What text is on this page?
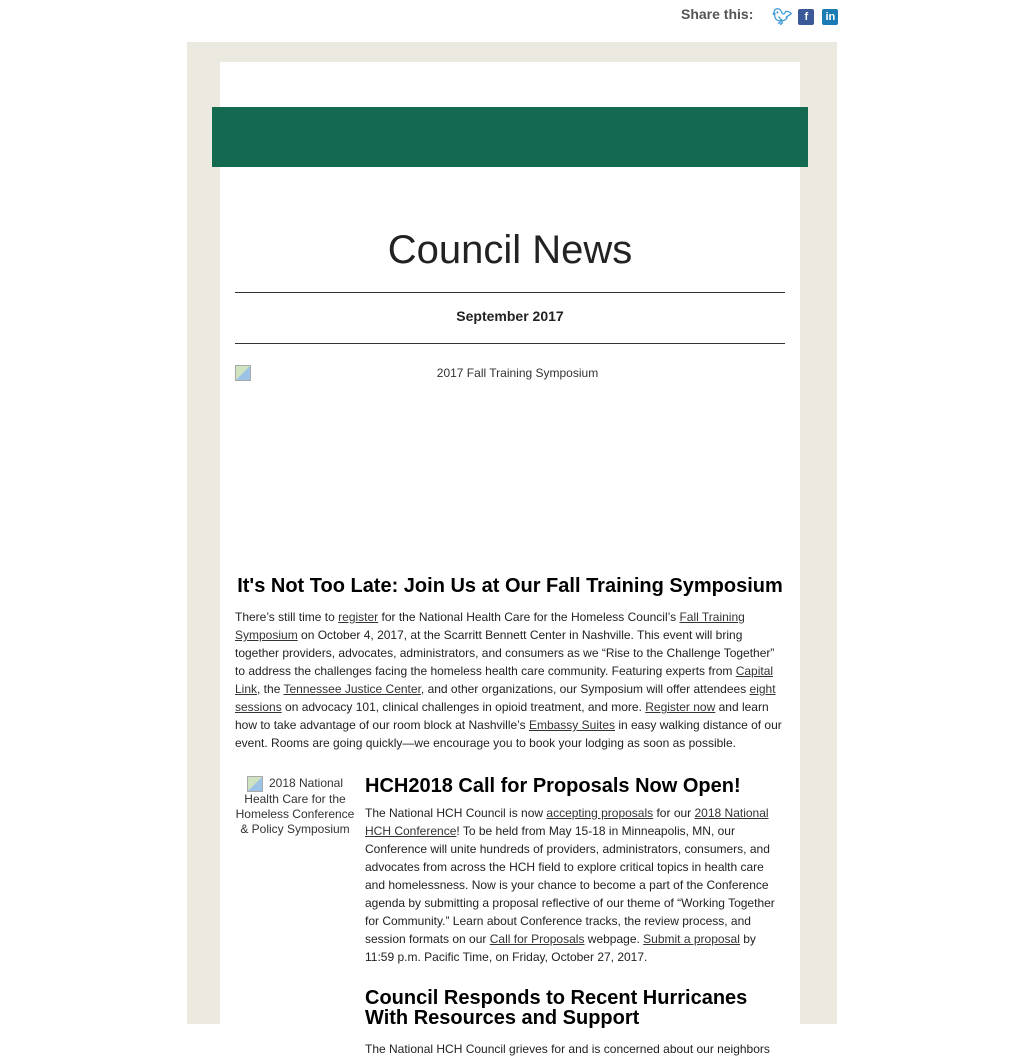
Share this: 🐦︎	f	in
Council News
September 2017
2017 Fall Training Symposium
It's Not Too Late: Join Us at Our Fall Training Symposium

There’s still time to register for the National Health Care for the Homeless Council’s Fall Training Symposium on October 4, 2017, at the Scarritt Bennett Center in Nashville. This event will bring together providers, advocates, administrators, and consumers as we “Rise to the Challenge Together” to address the challenges facing the homeless health care community. Featuring experts from Capital Link, the Tennessee Justice Center, and other organizations, our Symposium will offer attendees eight sessions on advocacy 101, clinical challenges in opioid treatment, and more. Register now and learn how to take advantage of our room block at Nashville’s Embassy Suites in easy walking distance of our event. Rooms are going quickly—we encourage you to book your lodging as soon as possible.

2018 National Health Care for the Homeless Conference & Policy Symposium
HCH2018 Call for Proposals Now Open!

The National HCH Council is now accepting proposals for our 2018 National HCH Conference! To be held from May 15-18 in Minneapolis, MN, our Conference will unite hundreds of providers, administrators, consumers, and advocates from across the HCH field to explore critical topics in health care and homelessness. Now is your chance to become a part of the Conference agenda by submitting a proposal reflective of our theme of “Working Together for Community.” Learn about Conference tracks, the review process, and session formats on our Call for Proposals webpage. Submit a proposal by 11:59 p.m. Pacific Time, on Friday, October 27, 2017.

Council Responds to Recent Hurricanes With Resources and Support

The National HCH Council grieves for and is concerned about our neighbors
